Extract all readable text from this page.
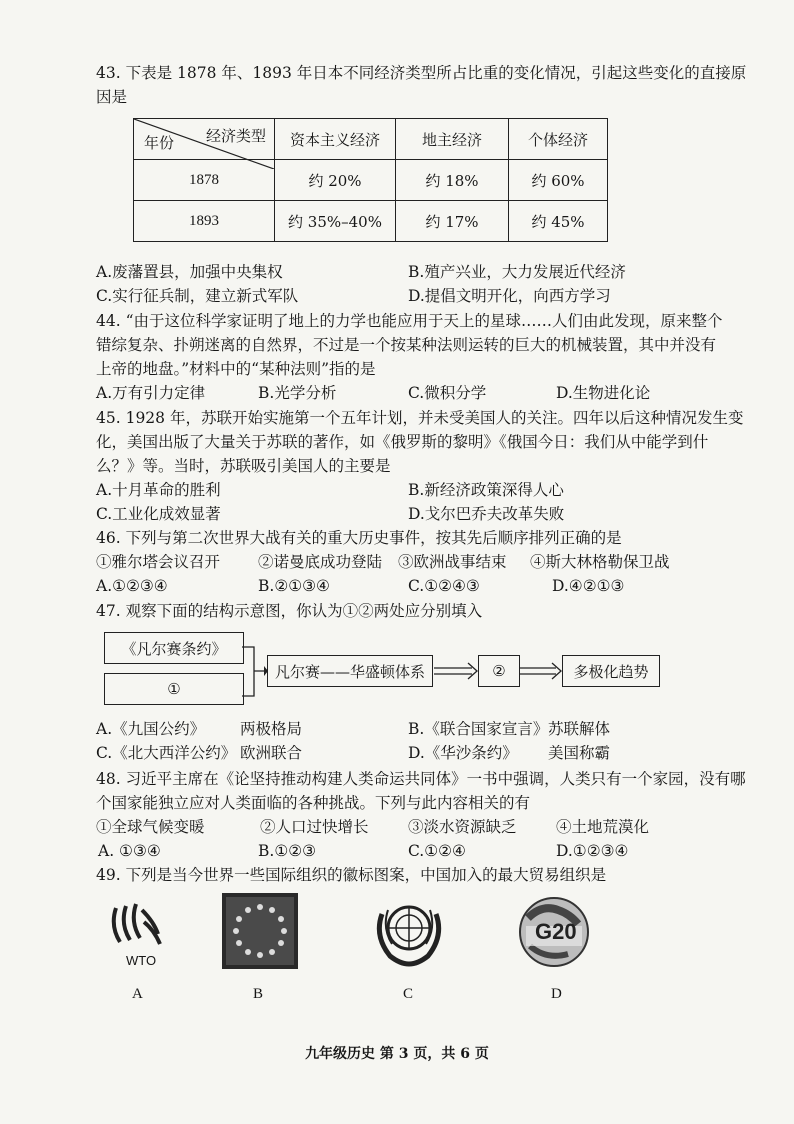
43. 下表是 1878 年、1893 年日本不同经济类型所占比重的变化情况，引起这些变化的直接原
因是
经济类型
年份	资本主义经济	地主经济	个体经济
1878	约 20%	约 18%	约 60%
1893	约 35%–40%	约 17%	约 45%
A.废藩置县，加强中央集权	B.殖产兴业，大力发展近代经济
C.实行征兵制，建立新式军队	D.提倡文明开化，向西方学习
44. “由于这位科学家证明了地上的力学也能应用于天上的星球……人们由此发现，原来整个
错综复杂、扑朔迷离的自然界，不过是一个按某种法则运转的巨大的机械装置，其中并没有
上帝的地盘。”材料中的“某种法则”指的是
A.万有引力定律	B.光学分析	C.微积分学	D.生物进化论
45. 1928 年，苏联开始实施第一个五年计划，并未受美国人的关注。四年以后这种情况发生变
化，美国出版了大量关于苏联的著作，如《俄罗斯的黎明》《俄国今日：我们从中能学到什
么？》等。当时，苏联吸引美国人的主要是
A.十月革命的胜利	B.新经济政策深得人心
C.工业化成效显著	D.戈尔巴乔夫改革失败
46. 下列与第二次世界大战有关的重大历史事件，按其先后顺序排列正确的是
①雅尔塔会议召开 ②诺曼底成功登陆 ③欧洲战事结束 ④斯大林格勒保卫战
A.①②③④	B.②①③④	C.①②④③	D.④②①③
47. 观察下面的结构示意图，你认为①②两处应分别填入
《凡尔赛条约》
①
凡尔赛——华盛顿体系	②	多极化趋势
A.《九国公约》 两极格局	B.《联合国家宣言》 苏联解体
C.《北大西洋公约》 欧洲联合	D.《华沙条约》 美国称霸
48. 习近平主席在《论坚持推动构建人类命运共同体》一书中强调，人类只有一个家园，没有哪
个国家能独立应对人类面临的各种挑战。下列与此内容相关的有
①全球气候变暖	②人口过快增长	③淡水资源缺乏	④土地荒漠化
A. ①③④	B.①②③	C.①②④	D.①②③④
49. 下列是当今世界一些国际组织的徽标图案，中国加入的最大贸易组织是
WTO
A	B	C
G20
D
九年级历史 第 3 页，共 6 页
